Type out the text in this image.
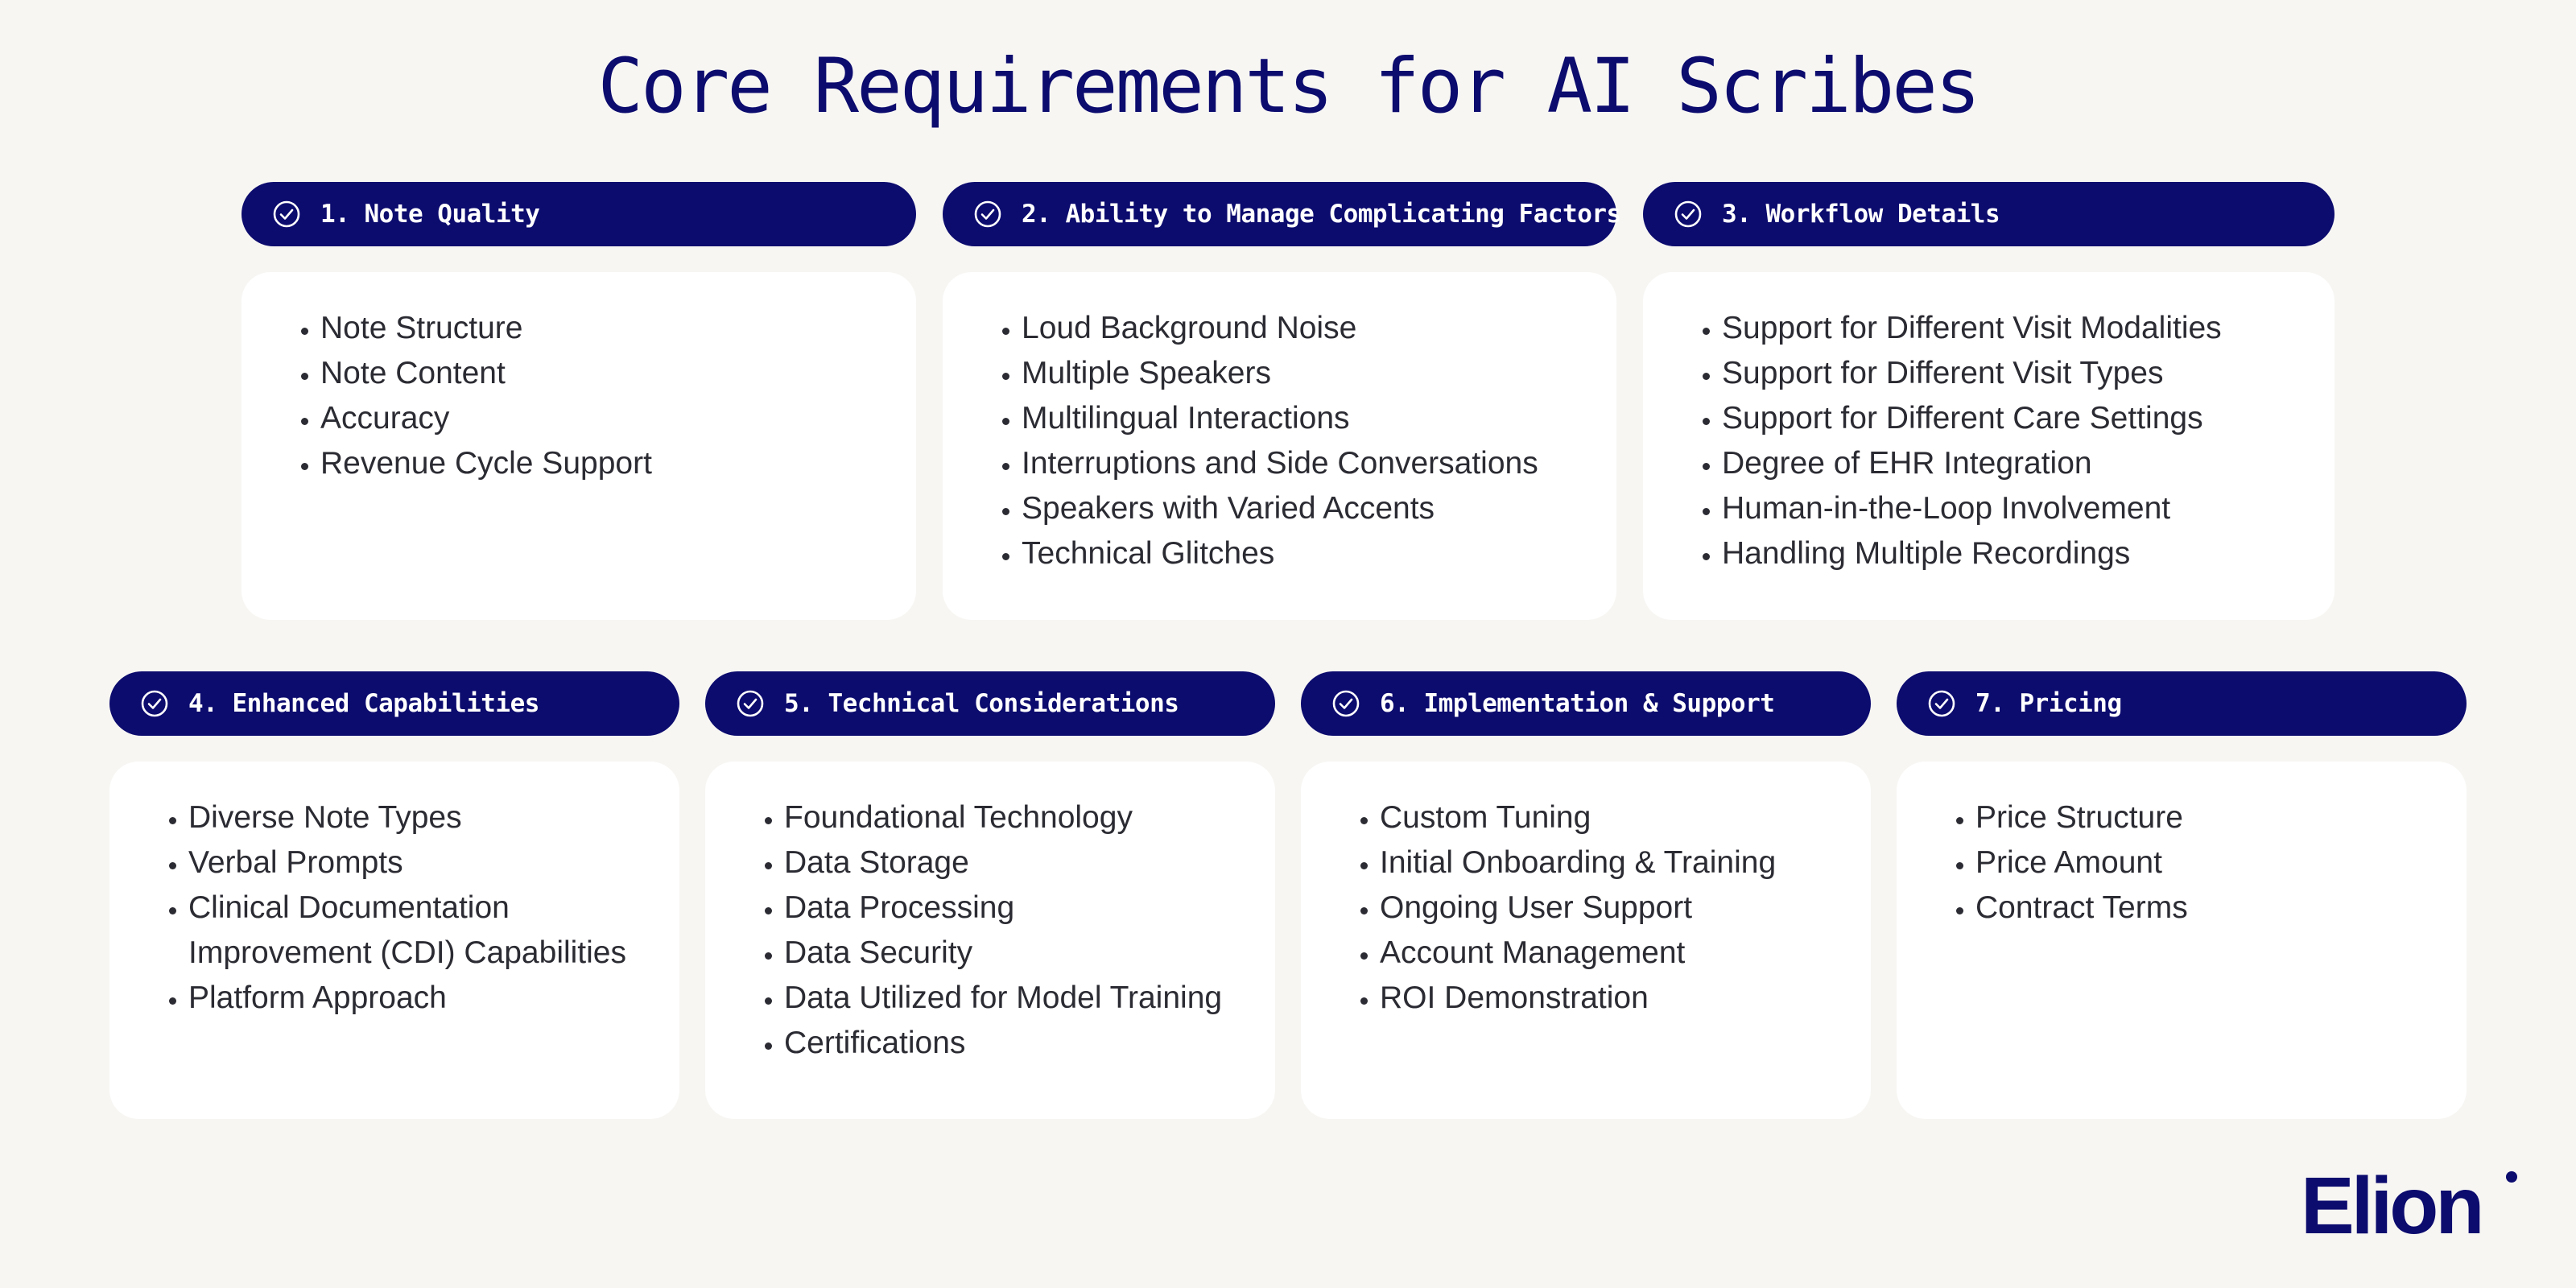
Core Requirements for AI Scribes
1. Note Quality
• Note Structure
• Note Content
• Accuracy
• Revenue Cycle Support
2. Ability to Manage Complicating Factors
• Loud Background Noise
• Multiple Speakers
• Multilingual Interactions
• Interruptions and Side Conversations
• Speakers with Varied Accents
• Technical Glitches
3. Workflow Details
• Support for Different Visit Modalities
• Support for Different Visit Types
• Support for Different Care Settings
• Degree of EHR Integration
• Human-in-the-Loop Involvement
• Handling Multiple Recordings
4. Enhanced Capabilities
• Diverse Note Types
• Verbal Prompts
• Clinical Documentation Improvement (CDI) Capabilities
• Platform Approach
5. Technical Considerations
• Foundational Technology
• Data Storage
• Data Processing
• Data Security
• Data Utilized for Model Training
• Certifications
6. Implementation & Support
• Custom Tuning
• Initial Onboarding & Training
• Ongoing User Support
• Account Management
• ROI Demonstration
7. Pricing
• Price Structure
• Price Amount
• Contract Terms
Elion
